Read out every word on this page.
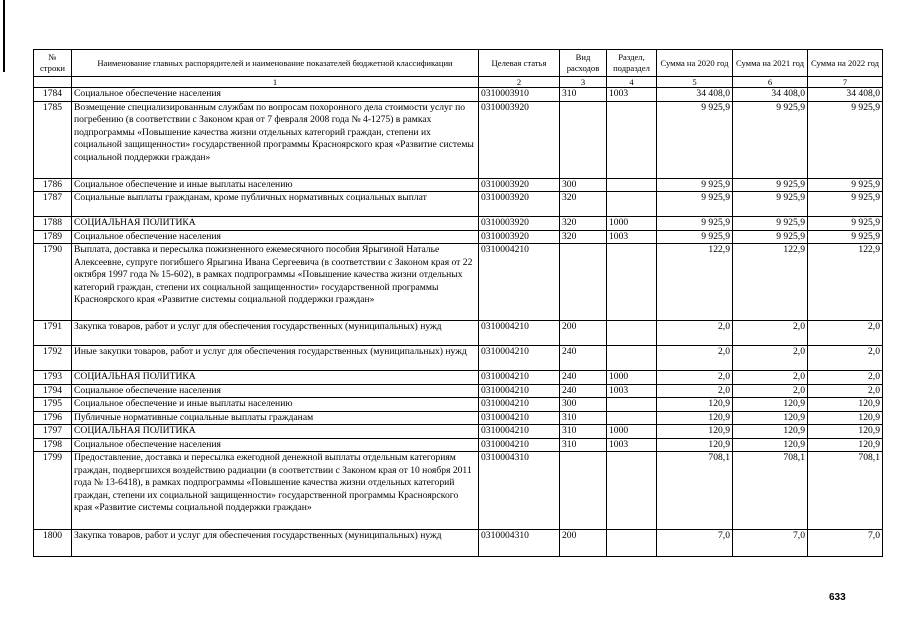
№ строки	Наименование главных распорядителей и наименование показателей бюджетной классификации	Целевая статья	Вид расходов	Раздел, подраздел	Сумма на 2020 год	Сумма на 2021 год	Сумма на 2022 год
	1	2	3	4	5	6	7
1784	Социальное обеспечение населения	0310003910	310	1003	34 408,0	34 408,0	34 408,0
1785	Возмещение специализированным службам по вопросам похоронного дела стоимости услуг по погребению (в соответствии с Законом края от 7 февраля 2008 года № 4-1275) в рамках подпрограммы «Повышение качества жизни отдельных категорий граждан, степени их социальной защищенности» государственной программы Красноярского края «Развитие системы социальной поддержки граждан»	0310003920			9 925,9	9 925,9	9 925,9
1786	Социальное обеспечение и иные выплаты населению	0310003920	300		9 925,9	9 925,9	9 925,9
1787	Социальные выплаты гражданам, кроме публичных нормативных социальных выплат	0310003920	320		9 925,9	9 925,9	9 925,9
1788	СОЦИАЛЬНАЯ ПОЛИТИКА	0310003920	320	1000	9 925,9	9 925,9	9 925,9
1789	Социальное обеспечение населения	0310003920	320	1003	9 925,9	9 925,9	9 925,9
1790	Выплата, доставка и пересылка пожизненного ежемесячного пособия Ярыгиной Наталье Алексеевне, супруге погибшего Ярыгина Ивана Сергеевича (в соответствии с Законом края от 22 октября 1997 года № 15-602), в рамках подпрограммы «Повышение качества жизни отдельных категорий граждан, степени их социальной защищенности» государственной программы Красноярского края «Развитие системы социальной поддержки граждан»	0310004210			122,9	122,9	122,9
1791	Закупка товаров, работ и услуг для обеспечения государственных (муниципальных) нужд	0310004210	200		2,0	2,0	2,0
1792	Иные закупки товаров, работ и услуг для обеспечения государственных (муниципальных) нужд	0310004210	240		2,0	2,0	2,0
1793	СОЦИАЛЬНАЯ ПОЛИТИКА	0310004210	240	1000	2,0	2,0	2,0
1794	Социальное обеспечение населения	0310004210	240	1003	2,0	2,0	2,0
1795	Социальное обеспечение и иные выплаты населению	0310004210	300		120,9	120,9	120,9
1796	Публичные нормативные социальные выплаты гражданам	0310004210	310		120,9	120,9	120,9
1797	СОЦИАЛЬНАЯ ПОЛИТИКА	0310004210	310	1000	120,9	120,9	120,9
1798	Социальное обеспечение населения	0310004210	310	1003	120,9	120,9	120,9
1799	Предоставление, доставка и пересылка ежегодной денежной выплаты отдельным категориям граждан, подвергшихся воздействию радиации (в соответствии с Законом края от 10 ноября 2011 года № 13-6418), в рамках подпрограммы «Повышение качества жизни отдельных категорий граждан, степени их социальной защищенности» государственной программы Красноярского края «Развитие системы социальной поддержки граждан»	0310004310			708,1	708,1	708,1
1800	Закупка товаров, работ и услуг для обеспечения государственных (муниципальных) нужд	0310004310	200		7,0	7,0	7,0
633
